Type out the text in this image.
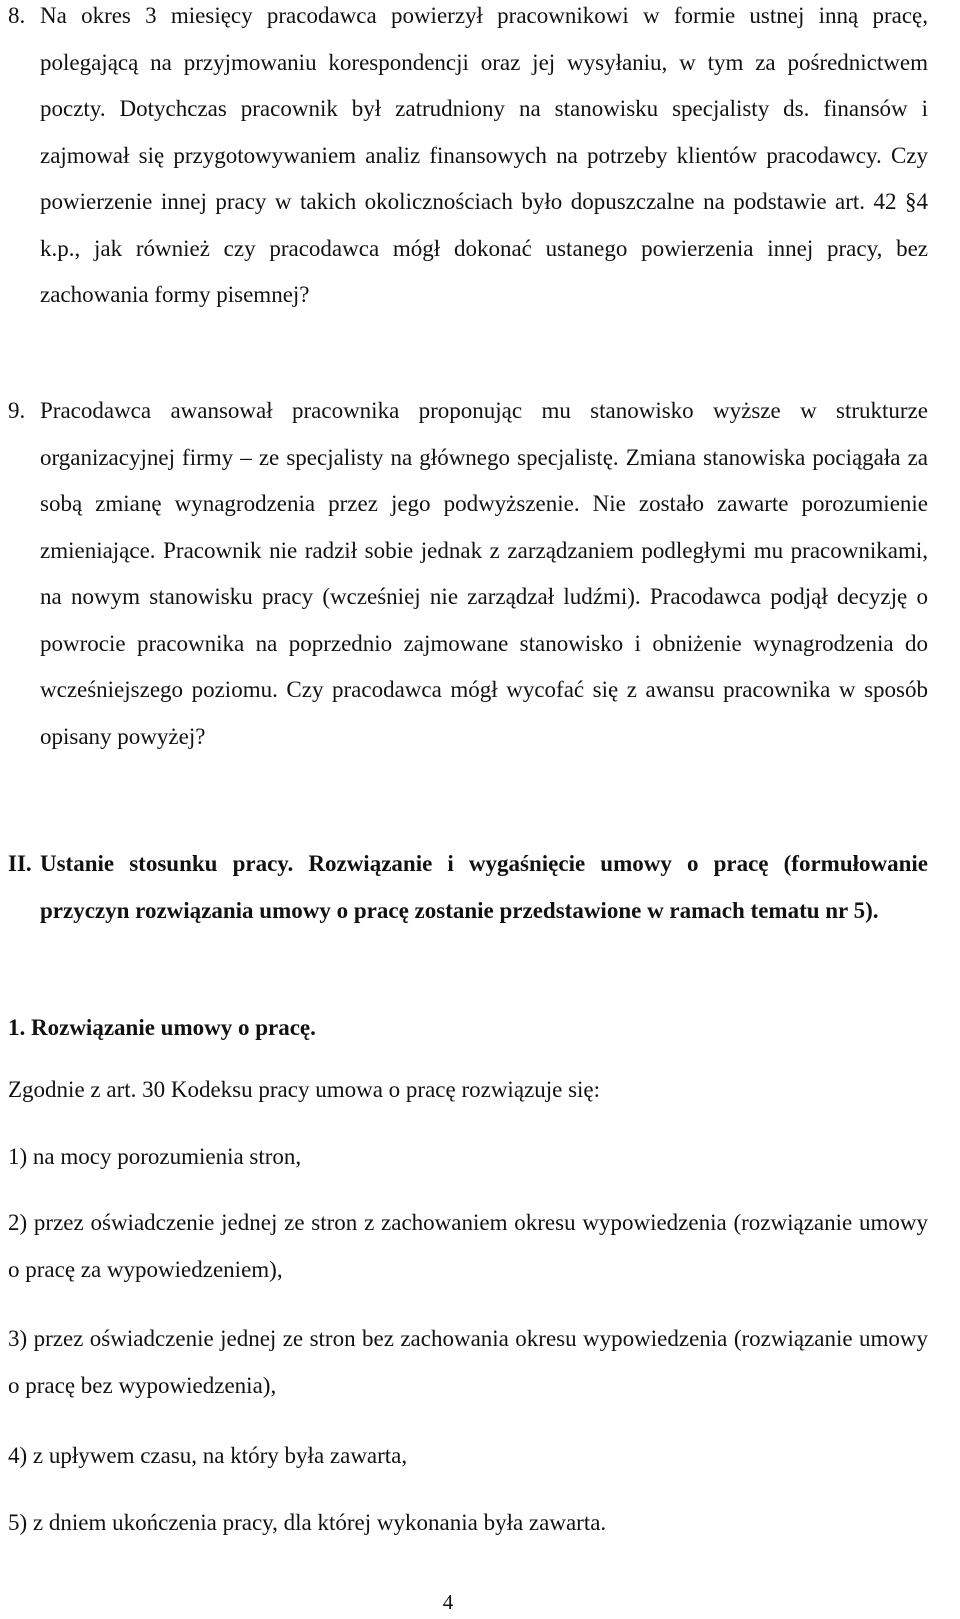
8. Na okres 3 miesięcy pracodawca powierzył pracownikowi w formie ustnej inną pracę, polegającą na przyjmowaniu korespondencji oraz jej wysyłaniu, w tym za pośrednictwem poczty. Dotychczas pracownik był zatrudniony na stanowisku specjalisty ds. finansów i zajmował się przygotowywaniem analiz finansowych na potrzeby klientów pracodawcy. Czy powierzenie innej pracy w takich okolicznościach było dopuszczalne na podstawie art. 42 §4 k.p., jak również czy pracodawca mógł dokonać ustanego powierzenia innej pracy, bez zachowania formy pisemnej?
9. Pracodawca awansował pracownika proponując mu stanowisko wyższe w strukturze organizacyjnej firmy – ze specjalisty na głównego specjalistę. Zmiana stanowiska pociągała za sobą zmianę wynagrodzenia przez jego podwyższenie. Nie zostało zawarte porozumienie zmieniające. Pracownik nie radził sobie jednak z zarządzaniem podległymi mu pracownikami, na nowym stanowisku pracy (wcześniej nie zarządzał ludźmi). Pracodawca podjął decyzję o powrocie pracownika na poprzednio zajmowane stanowisko i obniżenie wynagrodzenia do wcześniejszego poziomu. Czy pracodawca mógł wycofać się z awansu pracownika w sposób opisany powyżej?
II. Ustanie stosunku pracy. Rozwiązanie i wygaśnięcie umowy o pracę (formułowanie przyczyn rozwiązania umowy o pracę zostanie przedstawione w ramach tematu nr 5).
1. Rozwiązanie umowy o pracę.
Zgodnie z art. 30 Kodeksu pracy umowa o pracę rozwiązuje się:
1) na mocy porozumienia stron,
2) przez oświadczenie jednej ze stron z zachowaniem okresu wypowiedzenia (rozwiązanie umowy o pracę za wypowiedzeniem),
3) przez oświadczenie jednej ze stron bez zachowania okresu wypowiedzenia (rozwiązanie umowy o pracę bez wypowiedzenia),
4) z upływem czasu, na który była zawarta,
5) z dniem ukończenia pracy, dla której wykonania była zawarta.
4
